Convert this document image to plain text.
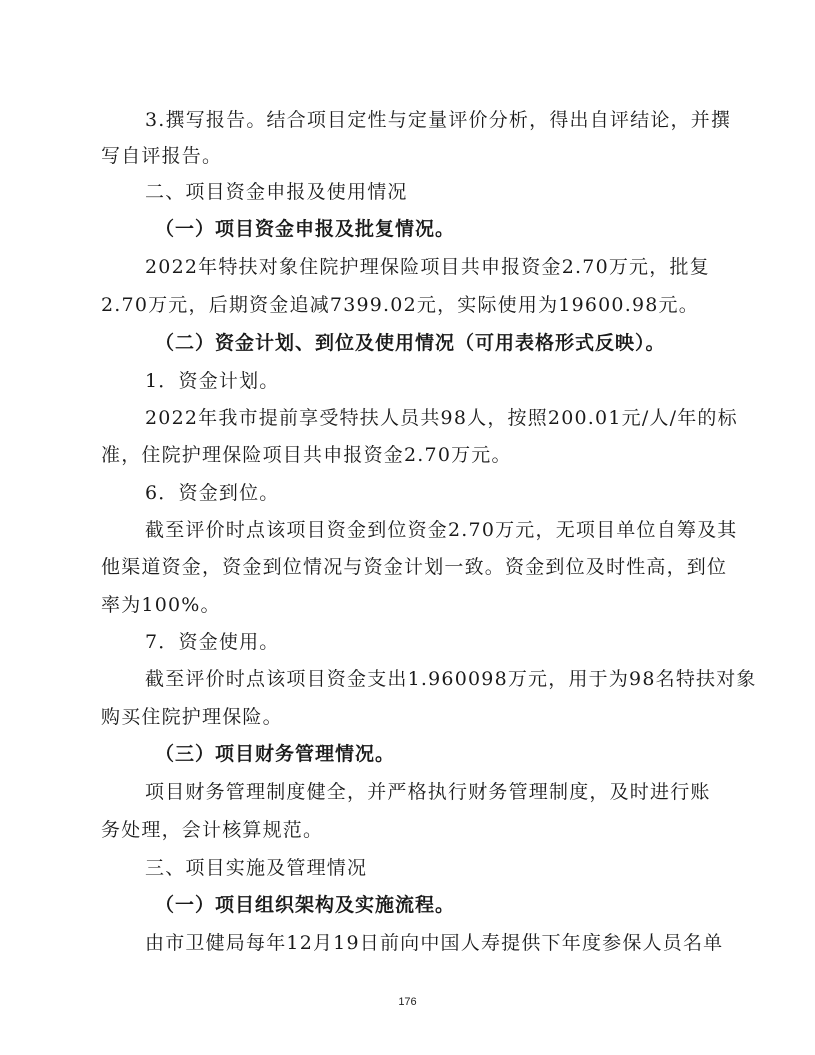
3.撰写报告。结合项目定性与定量评价分析，得出自评结论，并撰
写自评报告。
二、项目资金申报及使用情况
（一）项目资金申报及批复情况。
2022年特扶对象住院护理保险项目共申报资金2.70万元，批复
2.70万元，后期资金追减7399.02元，实际使用为19600.98元。
（二）资金计划、到位及使用情况（可用表格形式反映）。
1．资金计划。
2022年我市提前享受特扶人员共98人，按照200.01元/人/年的标
准，住院护理保险项目共申报资金2.70万元。
6．资金到位。
截至评价时点该项目资金到位资金2.70万元，无项目单位自筹及其
他渠道资金，资金到位情况与资金计划一致。资金到位及时性高，到位
率为100%。
7．资金使用。
截至评价时点该项目资金支出1.960098万元，用于为98名特扶对象
购买住院护理保险。
（三）项目财务管理情况。
项目财务管理制度健全，并严格执行财务管理制度，及时进行账
务处理，会计核算规范。
三、项目实施及管理情况
（一）项目组织架构及实施流程。
由市卫健局每年12月19日前向中国人寿提供下年度参保人员名单
176
